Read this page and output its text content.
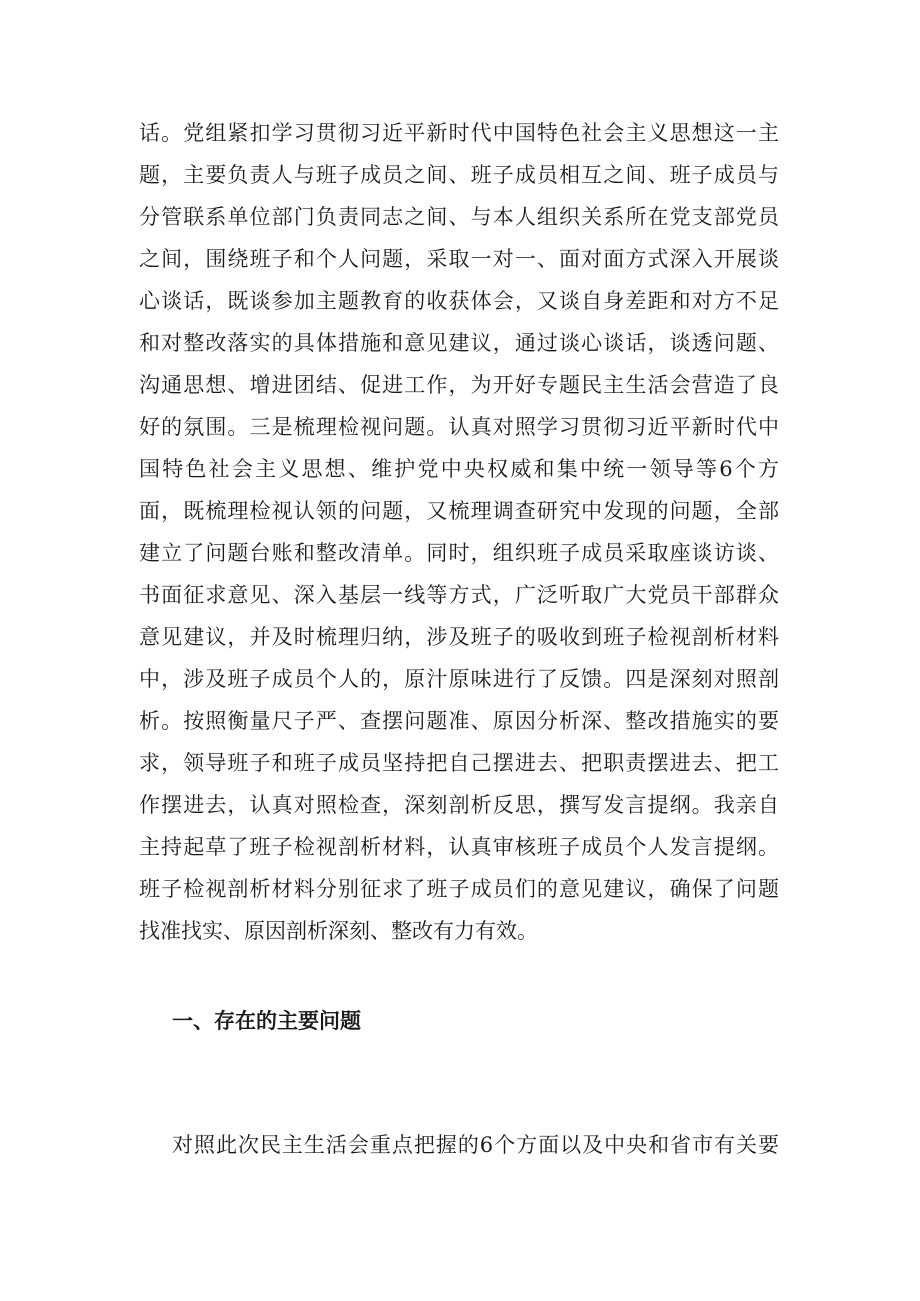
话。党组紧扣学习贯彻习近平新时代中国特色社会主义思想这一主
题，主要负责人与班子成员之间、班子成员相互之间、班子成员与
分管联系单位部门负责同志之间、与本人组织关系所在党支部党员
之间，围绕班子和个人问题，采取一对一、面对面方式深入开展谈
心谈话，既谈参加主题教育的收获体会，又谈自身差距和对方不足
和对整改落实的具体措施和意见建议，通过谈心谈话，谈透问题、
沟通思想、增进团结、促进工作，为开好专题民主生活会营造了良
好的氛围。三是梳理检视问题。认真对照学习贯彻习近平新时代中
国特色社会主义思想、维护党中央权威和集中统一领导等6个方
面，既梳理检视认领的问题，又梳理调查研究中发现的问题，全部
建立了问题台账和整改清单。同时，组织班子成员采取座谈访谈、
书面征求意见、深入基层一线等方式，广泛听取广大党员干部群众
意见建议，并及时梳理归纳，涉及班子的吸收到班子检视剖析材料
中，涉及班子成员个人的，原汁原味进行了反馈。四是深刻对照剖
析。按照衡量尺子严、查摆问题准、原因分析深、整改措施实的要
求，领导班子和班子成员坚持把自己摆进去、把职责摆进去、把工
作摆进去，认真对照检查，深刻剖析反思，撰写发言提纲。我亲自
主持起草了班子检视剖析材料，认真审核班子成员个人发言提纲。
班子检视剖析材料分别征求了班子成员们的意见建议，确保了问题
找准找实、原因剖析深刻、整改有力有效。
一、存在的主要问题
对照此次民主生活会重点把握的6个方面以及中央和省市有关要
